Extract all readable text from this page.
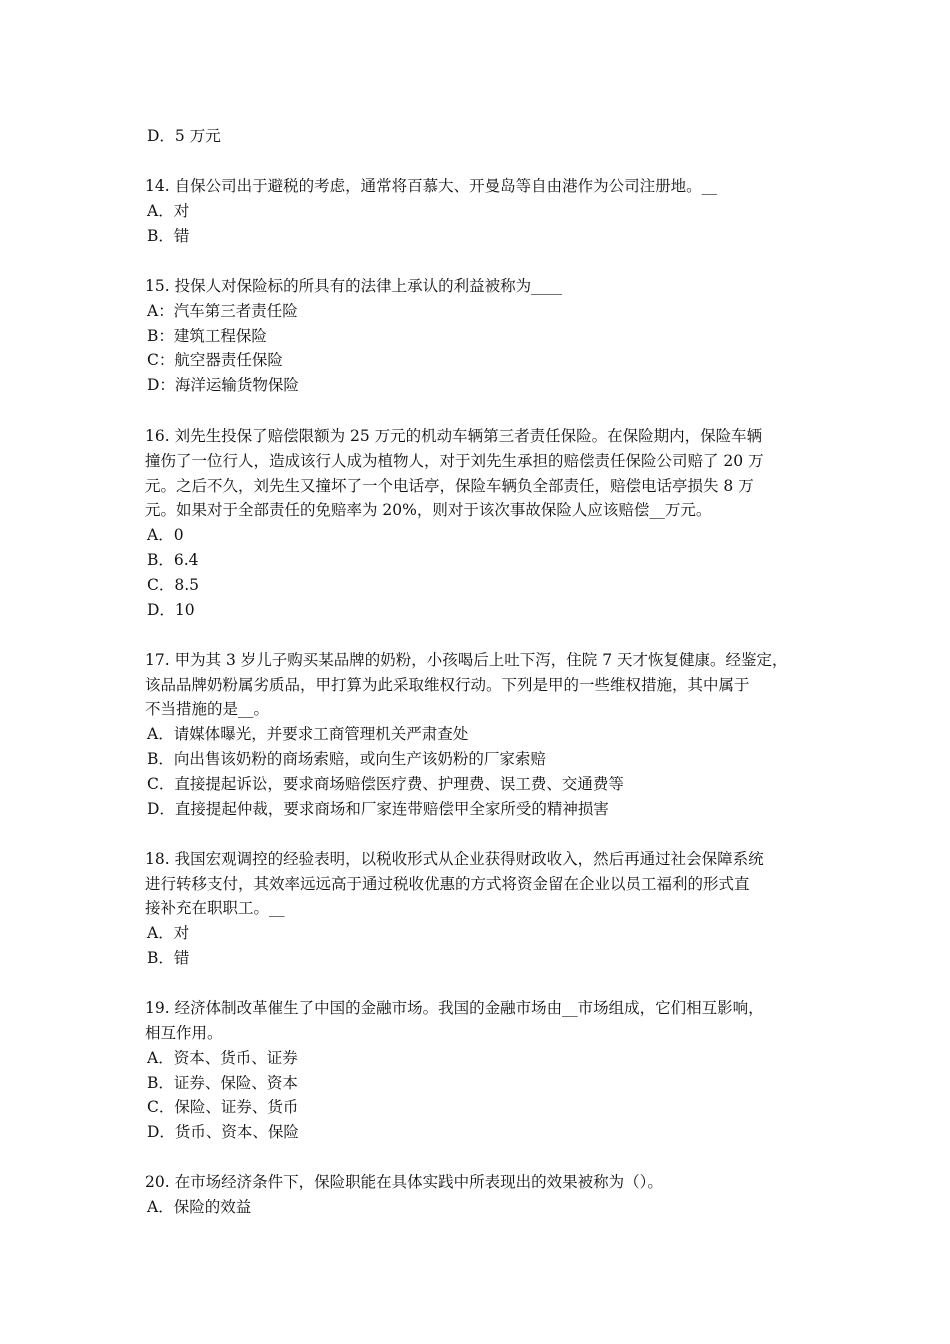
D．5 万元
14. 自保公司出于避税的考虑，通常将百慕大、开曼岛等自由港作为公司注册地。__
A．对
B．错
15. 投保人对保险标的所具有的法律上承认的利益被称为____
A：汽车第三者责任险
B：建筑工程保险
C：航空器责任保险
D：海洋运输货物保险
16. 刘先生投保了赔偿限额为 25 万元的机动车辆第三者责任保险。在保险期内，保险车辆
撞伤了一位行人，造成该行人成为植物人，对于刘先生承担的赔偿责任保险公司赔了 20 万
元。之后不久，刘先生又撞坏了一个电话亭，保险车辆负全部责任，赔偿电话亭损失 8 万
元。如果对于全部责任的免赔率为 20%，则对于该次事故保险人应该赔偿__万元。
A．0
B．6.4
C．8.5
D．10
17. 甲为其 3 岁儿子购买某品牌的奶粉，小孩喝后上吐下泻，住院 7 天才恢复健康。经鉴定，
该品品牌奶粉属劣质品，甲打算为此采取维权行动。下列是甲的一些维权措施，其中属于
不当措施的是__。
A．请媒体曝光，并要求工商管理机关严肃查处
B．向出售该奶粉的商场索赔，或向生产该奶粉的厂家索赔
C．直接提起诉讼，要求商场赔偿医疗费、护理费、误工费、交通费等
D．直接提起仲裁，要求商场和厂家连带赔偿甲全家所受的精神损害
18. 我国宏观调控的经验表明，以税收形式从企业获得财政收入，然后再通过社会保障系统
进行转移支付，其效率远远高于通过税收优惠的方式将资金留在企业以员工福利的形式直
接补充在职职工。__
A．对
B．错
19. 经济体制改革催生了中国的金融市场。我国的金融市场由__市场组成，它们相互影响，
相互作用。
A．资本、货币、证券
B．证券、保险、资本
C．保险、证券、货币
D．货币、资本、保险
20. 在市场经济条件下，保险职能在具体实践中所表现出的效果被称为（）。
A．保险的效益
